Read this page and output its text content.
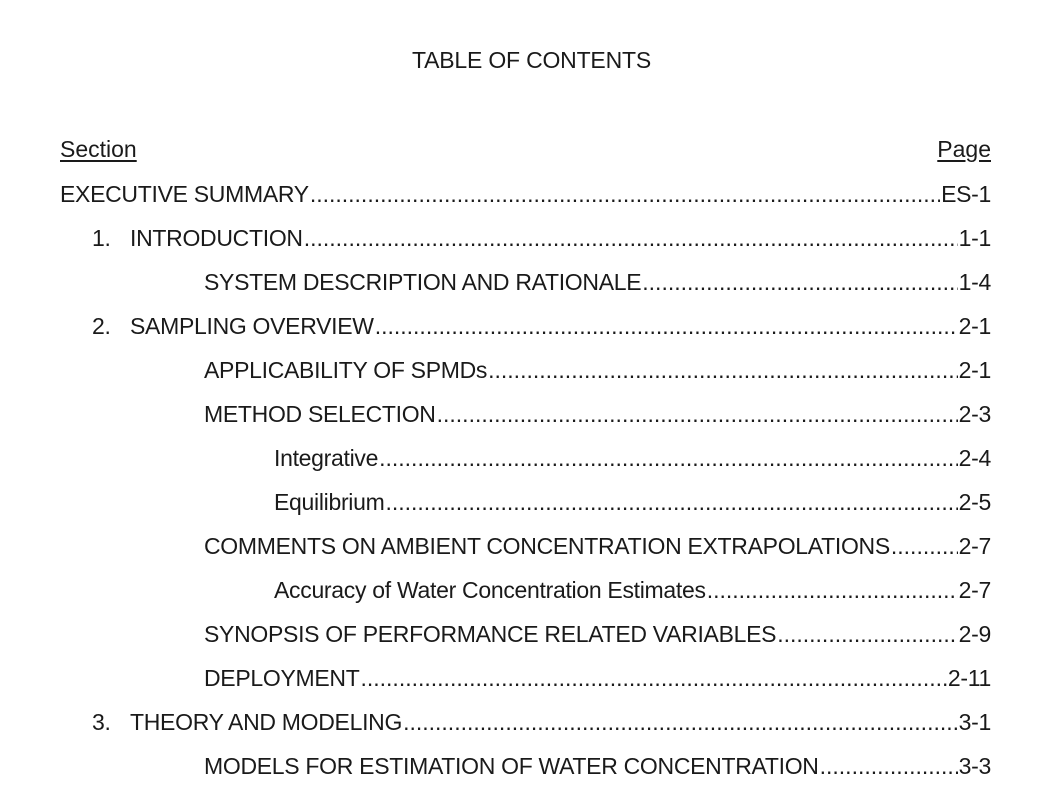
TABLE OF CONTENTS
Section	Page
EXECUTIVE SUMMARY .....	ES-1
1. INTRODUCTION .....	1-1
SYSTEM DESCRIPTION AND RATIONALE .....	1-4
2. SAMPLING OVERVIEW .....	2-1
APPLICABILITY OF SPMDs .....	2-1
METHOD SELECTION .....	2-3
Integrative .....	2-4
Equilibrium .....	2-5
COMMENTS ON AMBIENT CONCENTRATION EXTRAPOLATIONS .....	2-7
Accuracy of Water Concentration Estimates .....	2-7
SYNOPSIS OF PERFORMANCE RELATED VARIABLES .....	2-9
DEPLOYMENT .....	2-11
3. THEORY AND MODELING .....	3-1
MODELS FOR ESTIMATION OF WATER CONCENTRATION .....	3-3
